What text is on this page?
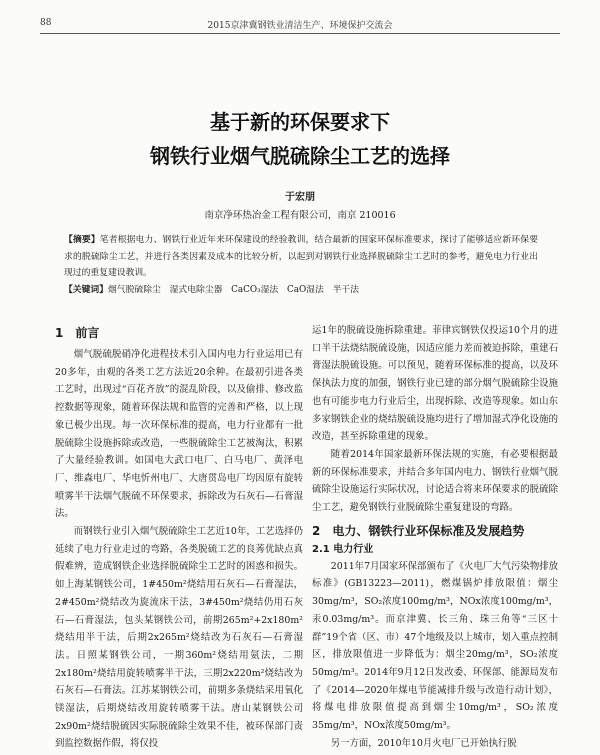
88	2015京津冀钢铁业清洁生产、环境保护交流会
基于新的环保要求下
钢铁行业烟气脱硫除尘工艺的选择
于宏朋
南京净环热冶金工程有限公司，南京 210016
【摘要】笔者根据电力、钢铁行业近年来环保建设的经验教训，结合最新的国家环保标准要求，探讨了能够适应新环保要求的脱硫除尘工艺，并进行各类因素及成本的比较分析，以起到对钢铁行业选择脱硫除尘工艺时的参考，避免电力行业出现过的重复建设教训。
【关键词】烟气脱硫除尘　湿式电除尘器　CaCO₃湿法　CaO湿法　半干法
1　前言

烟气脱硫脱硝净化进程技术引入国内电力行业运用已有20多年，由观的各类工艺方法近20余种。在最初引进各类工艺时，出现过“百花齐放”的混乱阶段，以及偷排、修改监控数据等现象，随着环保法规和监管的完善和严格，以上现象已极少出现。每一次环保标准的提高，电力行业都有一批脱硫除尘设施拆除或改造，一些脱硫除尘工艺被淘汰，积累了大量经验教训。如国电大武口电厂、白马电厂、黄泽电厂、维森电厂、华电忻州电厂、大唐贯岛电厂均因原有旋转喷雾半干法烟气脱硫不环保要求，拆除改为石灰石—石膏湿法。

而钢铁行业引入烟气脱硫除尘工艺近10年，工艺选择仍延续了电力行业走过的弯路，各类脱硫工艺的良莠优缺点真假难辨，造成钢铁企业选择脱硫除尘工艺时的困惑和损失。如上海某钢铁公司，1#450m²烧结用石灰石—石膏湿法，2#450m²烧结改为旋流床干法，3#450m²烧结仍用石灰石—石膏湿法，包头某钢铁公司，前期265m²+2x180m²烧结用半干法，后期2x265m²烧结改为石灰石—石膏湿法。日照某钢铁公司，一期360m²烧结用氨法，二期2x180m²烧结用旋转喷雾半干法，三期2x220m²烧结改为石灰石—石膏法。江苏某钢铁公司，前期多条烧结采用氧化镁湿法，后期烧结改用旋转喷雾干法。唐山某钢铁公司2x90m²烧结脱硫因实际脱硫除尘效果不佳，被环保部门责到监控数据作假，将仅投

运1年的脱硫设施拆除重建。菲律宾钢铁仅投运10个月的进口半干法烧结脱硫设施，因适应能力差而被迫拆除，重建石膏湿法脱硫设施。可以预见，随着环保标准的提高，以及环保执法力度的加强，钢铁行业已建的部分烟气脱硫除尘设施也有可能步电力行业后尘，出现拆除、改造等现象。如山东多家钢铁企业的烧结脱硫设施均进行了增加湿式净化设施的改造，甚至拆除重建的现象。

随着2014年国家最新环保法规的实施，有必要根据最新的环保标准要求，并结合多年国内电力、钢铁行业烟气脱硫除尘设施运行实际状况，讨论适合将来环保要求的脱硫除尘工艺，避免钢铁行业脱硫除尘重复建设的弯路。

2　电力、钢铁行业环保标准及发展趋势
2.1 电力行业

2011年7月国家环保部颁布了《火电厂大气污染物排放标准》(GB13223—2011)，燃煤锅炉排放限值：烟尘30mg/m³，SO₂浓度100mg/m³，NOx浓度100mg/m³，汞0.03mg/m³。而京津冀、长三角、珠三角等“三区十群”19个省（区、市）47个地级及以上城市，划入重点控制区，排放限值进一步降低为：烟尘20mg/m³，SO₂浓度50mg/m³。2014年9月12日发改委、环保部、能源局发布了《2014—2020年煤电节能减排升级与改造行动计划》，将煤电排放限值提高到烟尘10mg/m³，SO₂浓度35mg/m³，NOx浓度50mg/m³。

另一方面，2010年10月火电厂已开始执行脱
